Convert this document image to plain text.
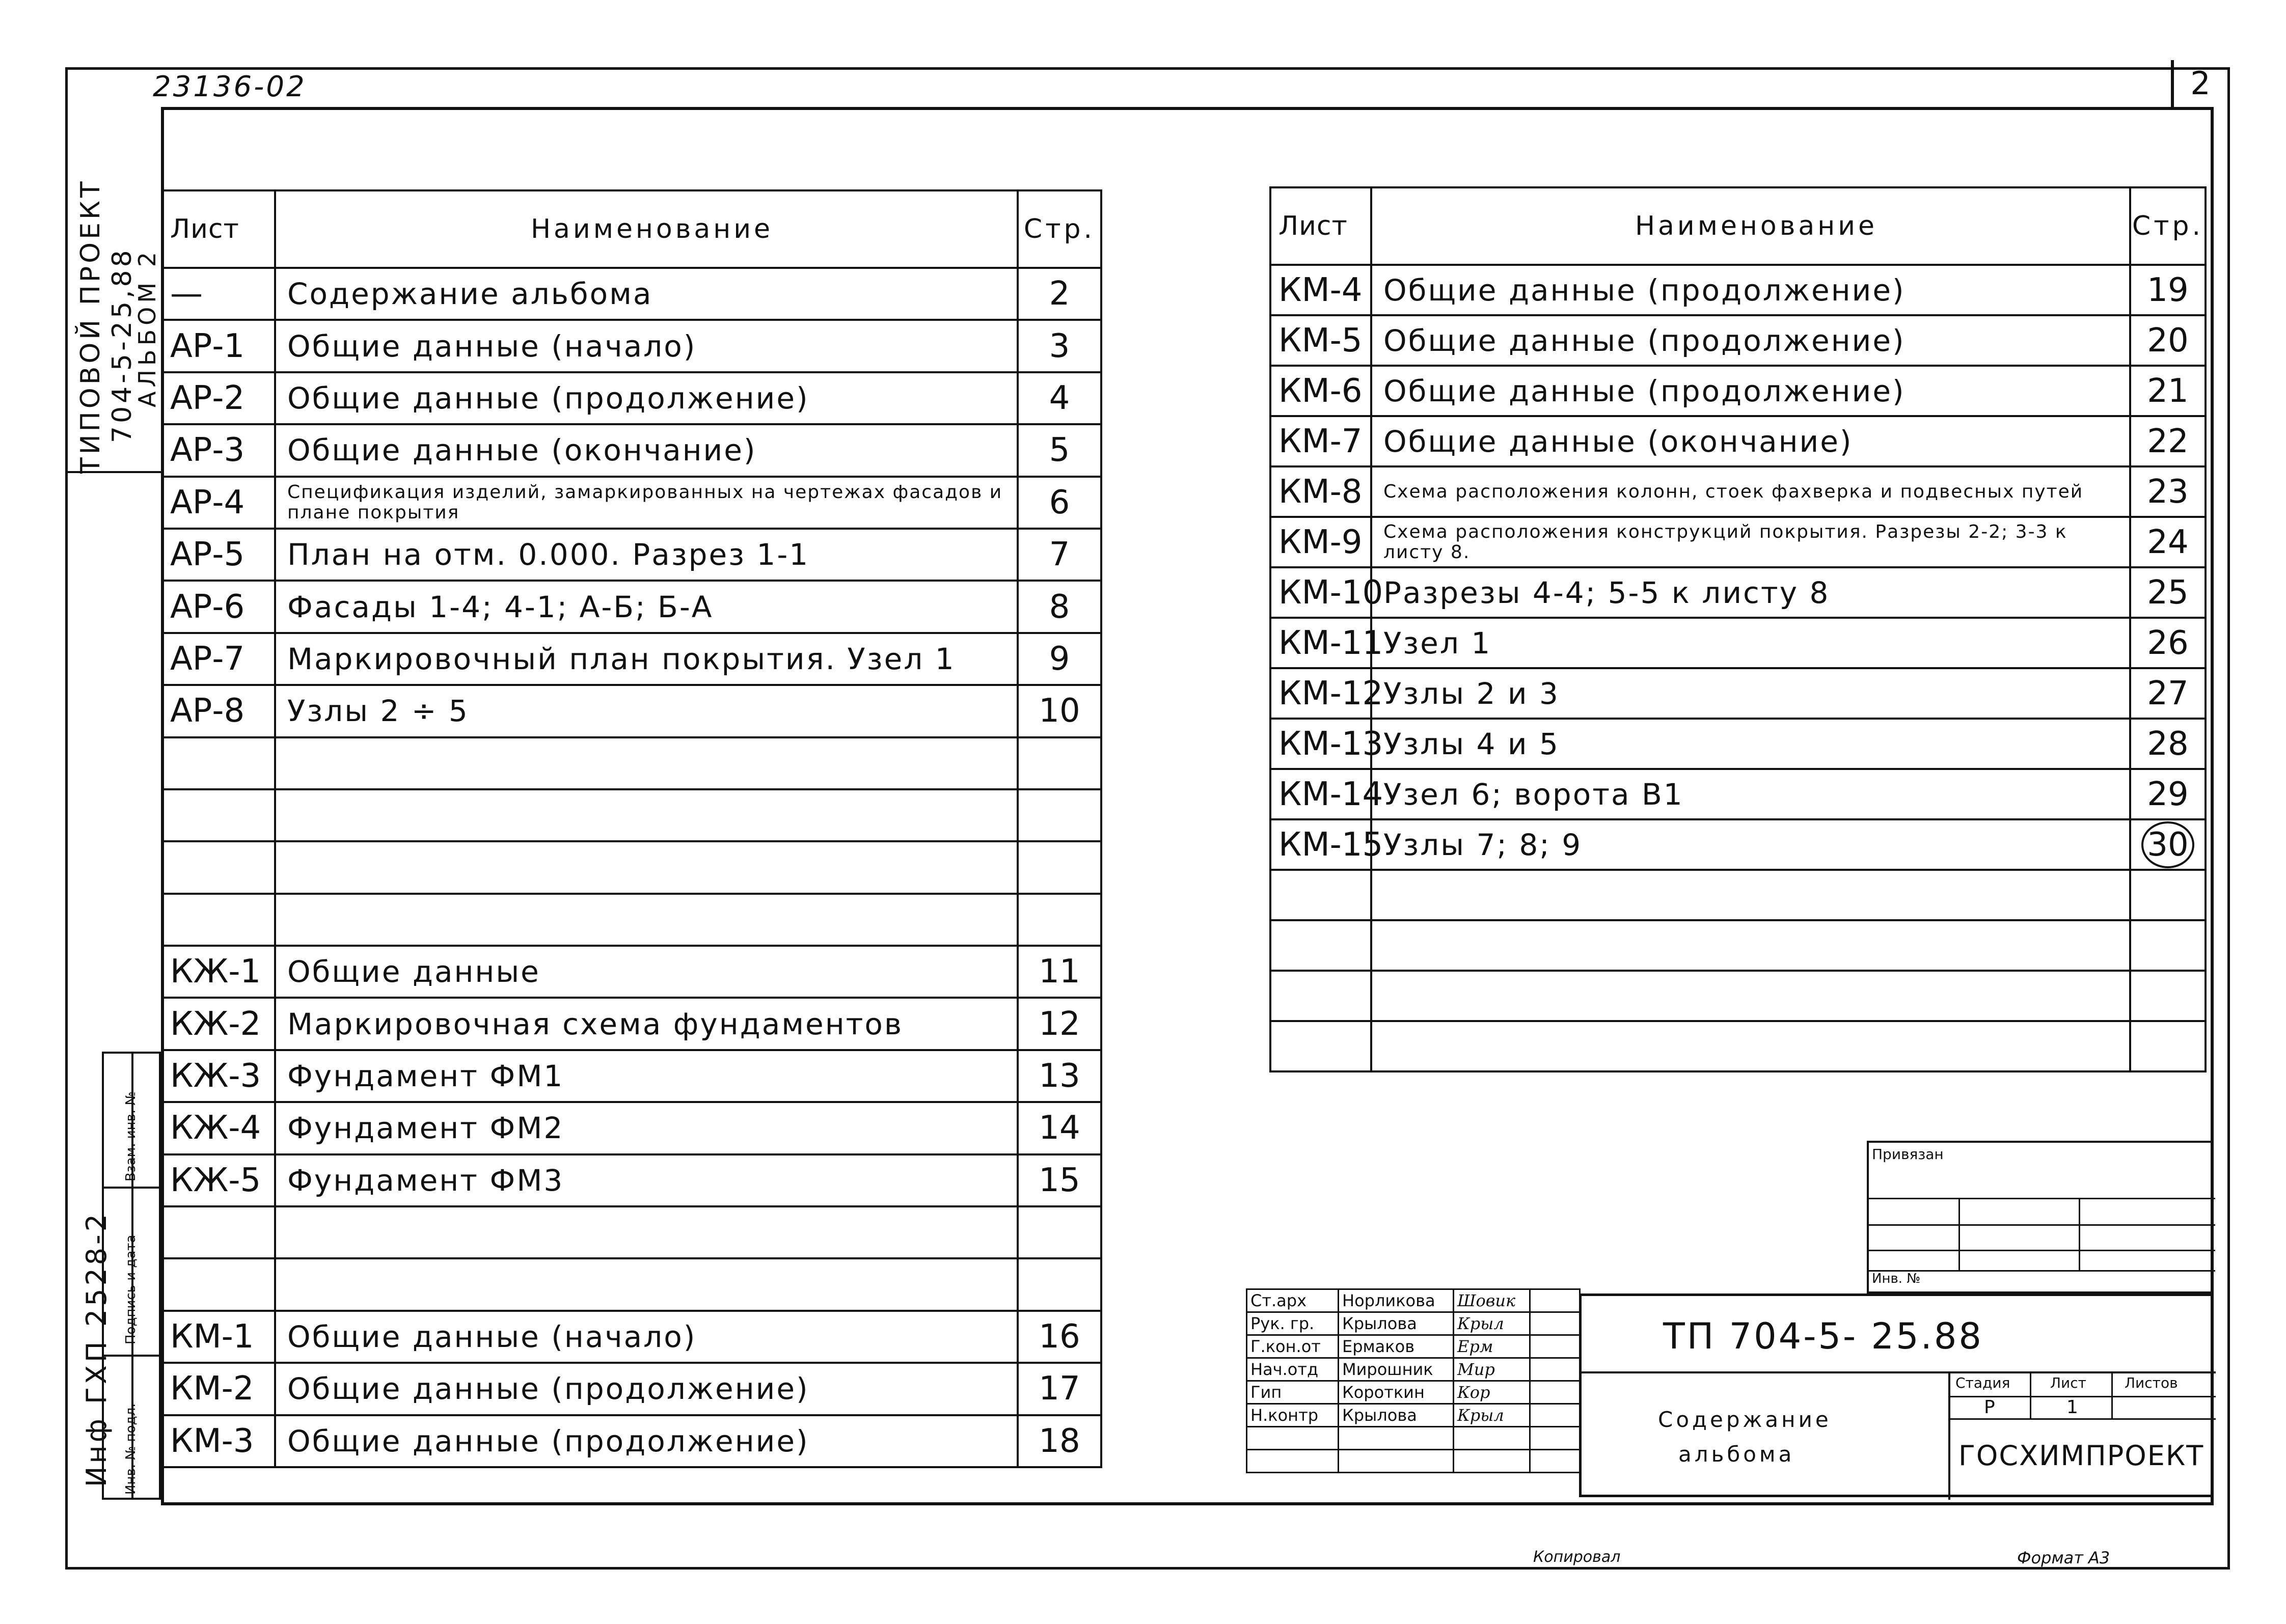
23136-02	2
ТИПОВОЙ ПРОЕКТ 704-5-25,88
АЛЬБОМ 2
Инф ГХП 2528-2 Инв. № подл.
Подпись и дата
Взам. инв. №
Лист	Наименование	Стр.
—	Содержание альбома	2
АР-1	Общие данные (начало)	3
АР-2	Общие данные (продолжение)	4
АР-3	Общие данные (окончание)	5
АР-4	Спецификация изделий, замаркированных на чертежах фасадов и плане покрытия	6
АР-5	План на отм. 0.000. Разрез 1-1	7
АР-6	Фасады 1-4; 4-1; А-Б; Б-А	8
АР-7	Маркировочный план покрытия. Узел 1	9
АР-8	Узлы 2 ÷ 5	10

КЖ-1	Общие данные	11
КЖ-2	Маркировочная схема фундаментов	12
КЖ-3	Фундамент ФМ1	13
КЖ-4	Фундамент ФМ2	14
КЖ-5	Фундамент ФМ3	15

КМ-1	Общие данные (начало)	16
КМ-2	Общие данные (продолжение)	17
КМ-3	Общие данные (продолжение)	18
Лист	Наименование	Стр.
КМ-4	Общие данные (продолжение)	19
КМ-5	Общие данные (продолжение)	20
КМ-6	Общие данные (продолжение)	21
КМ-7	Общие данные (окончание)	22
КМ-8	Схема расположения колонн, стоек фахверка и подвесных путей	23
КМ-9	Схема расположения конструкций покрытия. Разрезы 2-2; 3-3 к листу 8.	24
КМ-10	Разрезы 4-4; 5-5 к листу 8	25
КМ-11	Узел 1	26
КМ-12	Узлы 2 и 3	27
КМ-13	Узлы 4 и 5	28
КМ-14	Узел 6; ворота В1	29
КМ-15	Узлы 7; 8; 9	30

Привязан
Инв. №
Ст.арх	Норликова	Шовик	
Рук. гр.	Крылова	Крыл	
Г.кон.от	Ермаков	Ерм	
Нач.отд	Мирошник	Мир	
Гип	Короткин	Кор	
Н.контр	Крылова	Крыл	

ТП 704-5- 25.88
Содержание
альбома
Стадия	Лист	Листов
Р	1
ГОСХИМПРОЕКТ
Копировал	Формат А3
